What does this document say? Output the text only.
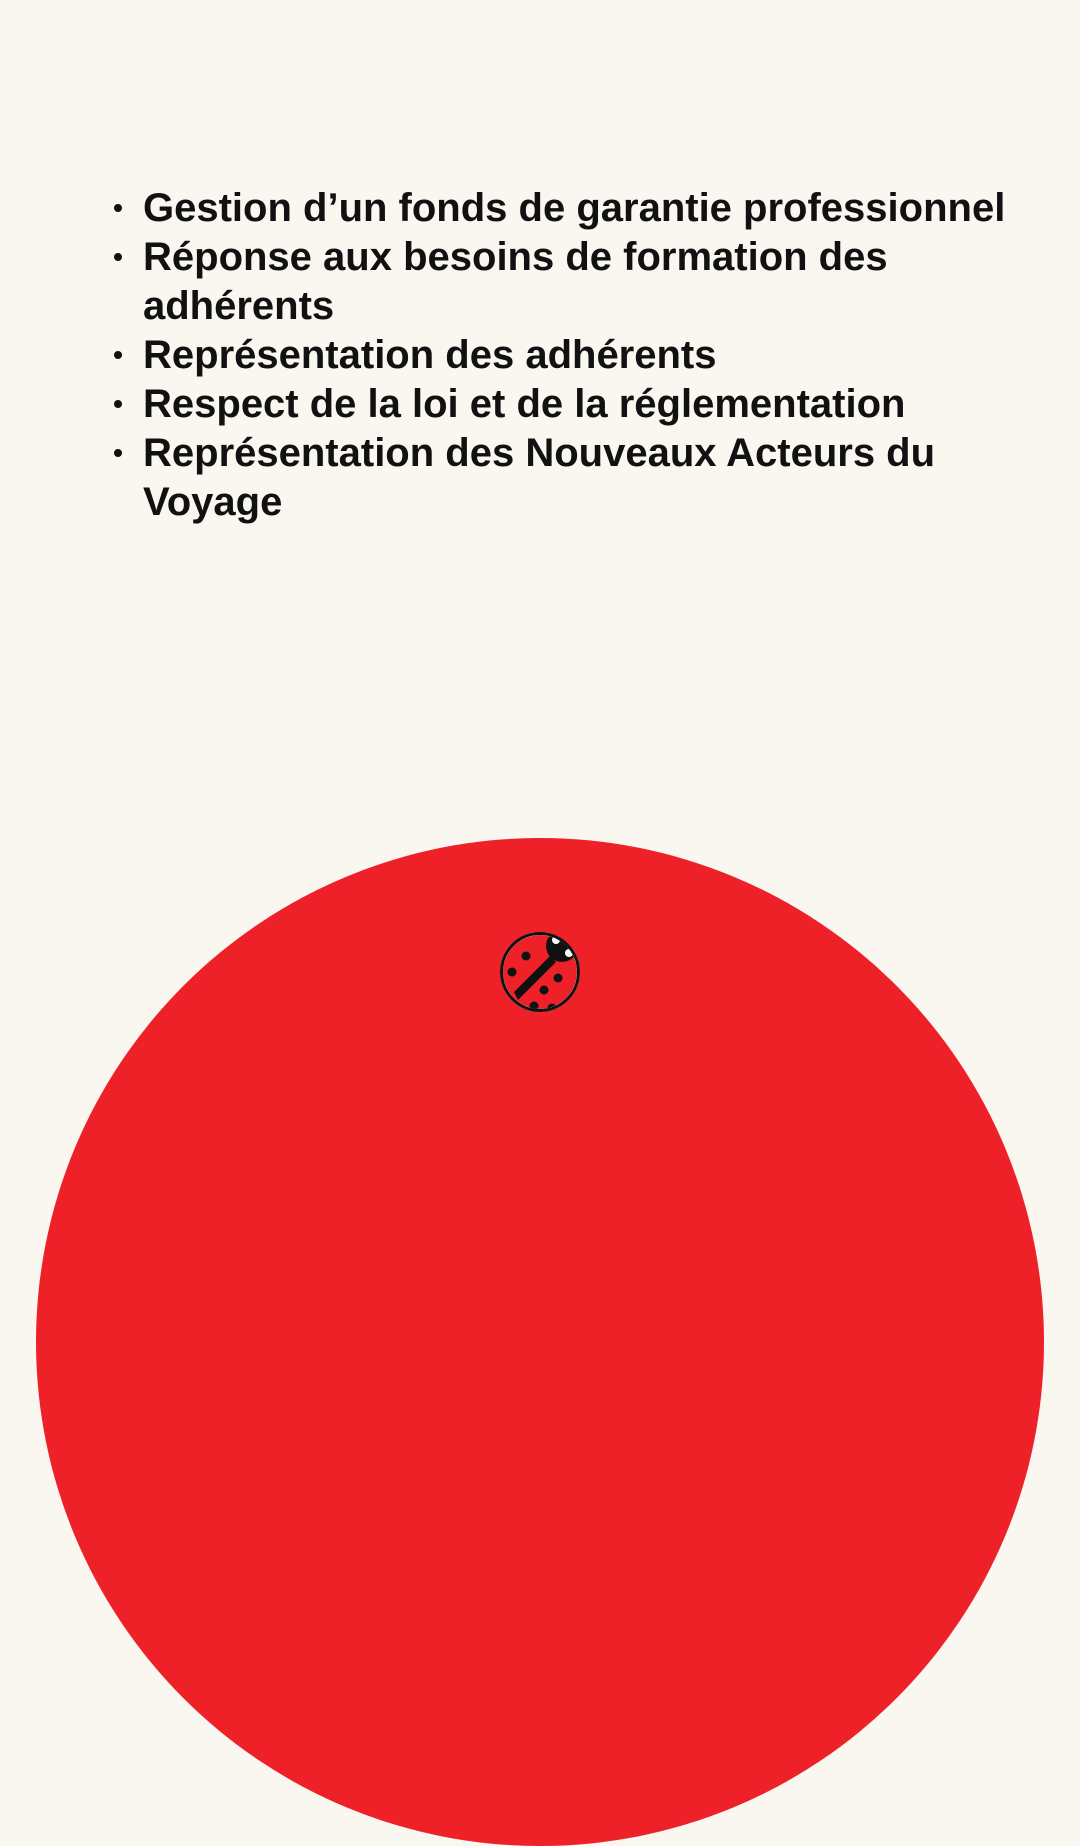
Gestion d’un fonds de garantie professionnel
Réponse aux besoins de formation des adhérents
Représentation des adhérents
Respect de la loi et de la réglementation
Représentation des Nouveaux Acteurs du Voyage
